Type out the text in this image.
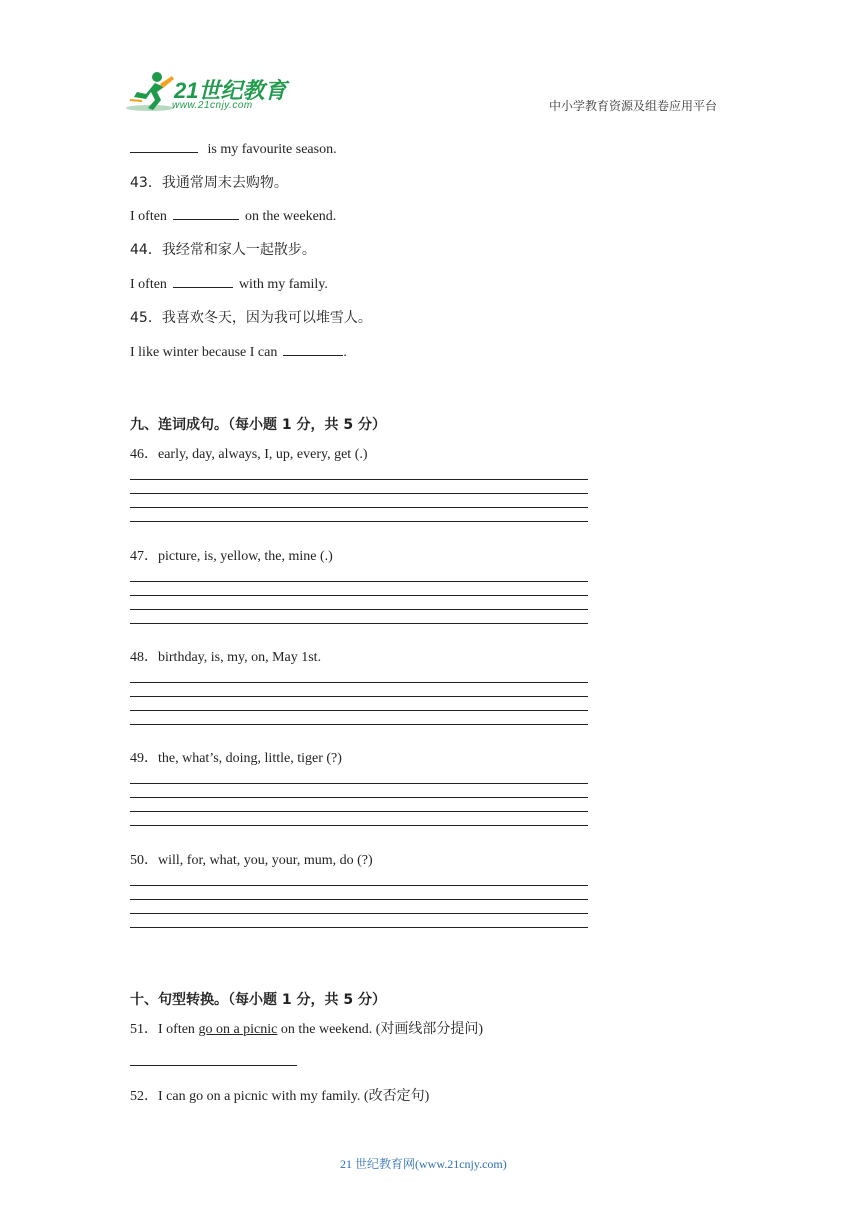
21世纪教育
www.21cnjy.com	中小学教育资源及组卷应用平台
is my favourite season.
43．我通常周末去购物。
I often	on the weekend.
44．我经常和家人一起散步。
I often	with my family.
45．我喜欢冬天，因为我可以堆雪人。
I like winter because I can	.
九、连词成句。（每小题 1 分，共 5 分）
46．early, day, always, I, up, every, get (.)
47．picture, is, yellow, the, mine (.)
48．birthday, is, my, on, May 1st.
49．the, what’s, doing, little, tiger (?)
50．will, for, what, you, your, mum, do (?)
十、句型转换。（每小题 1 分，共 5 分）
51．I often go on a picnic on the weekend. (对画线部分提问)
52．I can go on a picnic with my family. (改否定句)
21 世纪教育网(www.21cnjy.com)
